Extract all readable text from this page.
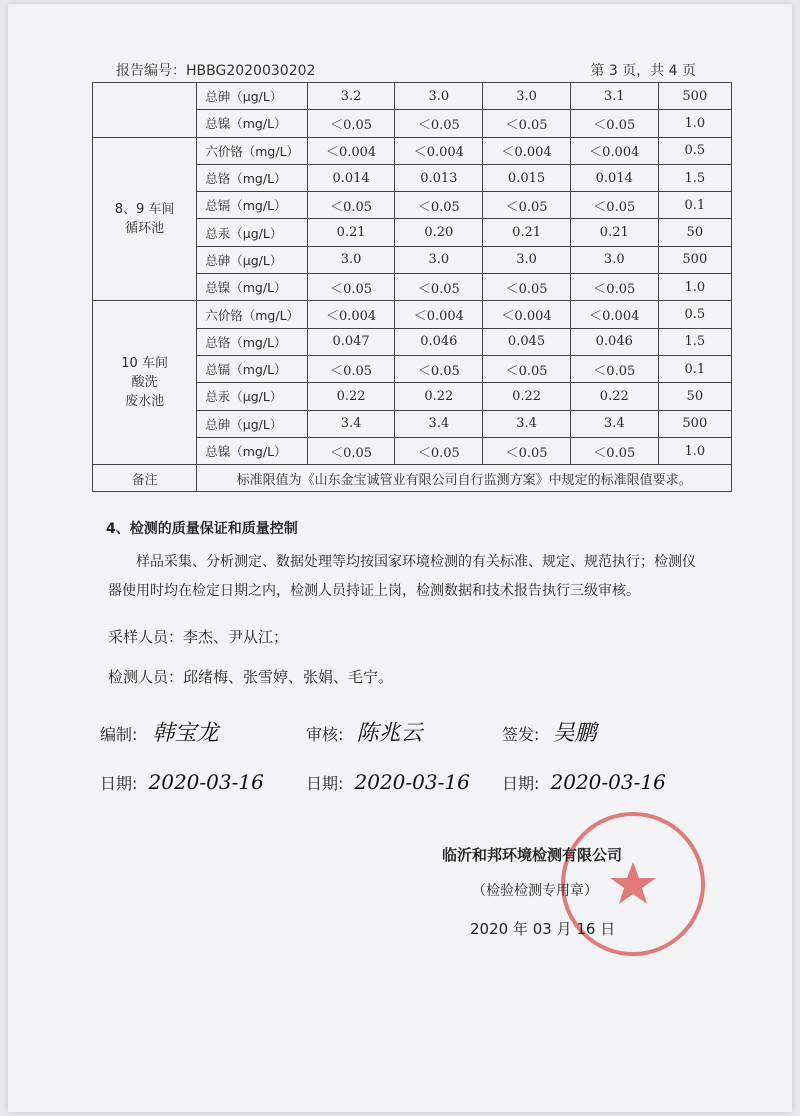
报告编号：HBBG2020030202	第 3 页，共 4 页
	总砷（μg/L）	3.2	3.0	3.0	3.1	500
	总镍（mg/L）	＜0.05	＜0.05	＜0.05	＜0.05	1.0
8、9 车间
循环池	六价铬（mg/L）	＜0.004	＜0.004	＜0.004	＜0.004	0.5
	总铬（mg/L）	0.014	0.013	0.015	0.014	1.5
	总镉（mg/L）	＜0.05	＜0.05	＜0.05	＜0.05	0.1
	总汞（μg/L）	0.21	0.20	0.21	0.21	50
	总砷（μg/L）	3.0	3.0	3.0	3.0	500
	总镍（mg/L）	＜0.05	＜0.05	＜0.05	＜0.05	1.0
10 车间
酸洗
废水池	六价铬（mg/L）	＜0.004	＜0.004	＜0.004	＜0.004	0.5
	总铬（mg/L）	0.047	0.046	0.045	0.046	1.5
	总镉（mg/L）	＜0.05	＜0.05	＜0.05	＜0.05	0.1
	总汞（μg/L）	0.22	0.22	0.22	0.22	50
	总砷（μg/L）	3.4	3.4	3.4	3.4	500
	总镍（mg/L）	＜0.05	＜0.05	＜0.05	＜0.05	1.0
备注	标准限值为《山东金宝诚管业有限公司自行监测方案》中规定的标准限值要求。					
4、检测的质量保证和质量控制
样品采集、分析测定、数据处理等均按国家环境检测的有关标准、规定、规范执行；检测仪器使用时均在检定日期之内，检测人员持证上岗，检测数据和技术报告执行三级审核。
采样人员：李杰、尹从江；
检测人员：邱绪梅、张雪婷、张娟、毛宁。
编制: 韩宝龙	审核: 陈兆云	签发: 吴鹏
日期: 2020-03-16	日期: 2020-03-16 日期: 2020-03-16
临沂和邦环境检测有限公司
（检验检测专用章）
2020 年 03 月 16 日
